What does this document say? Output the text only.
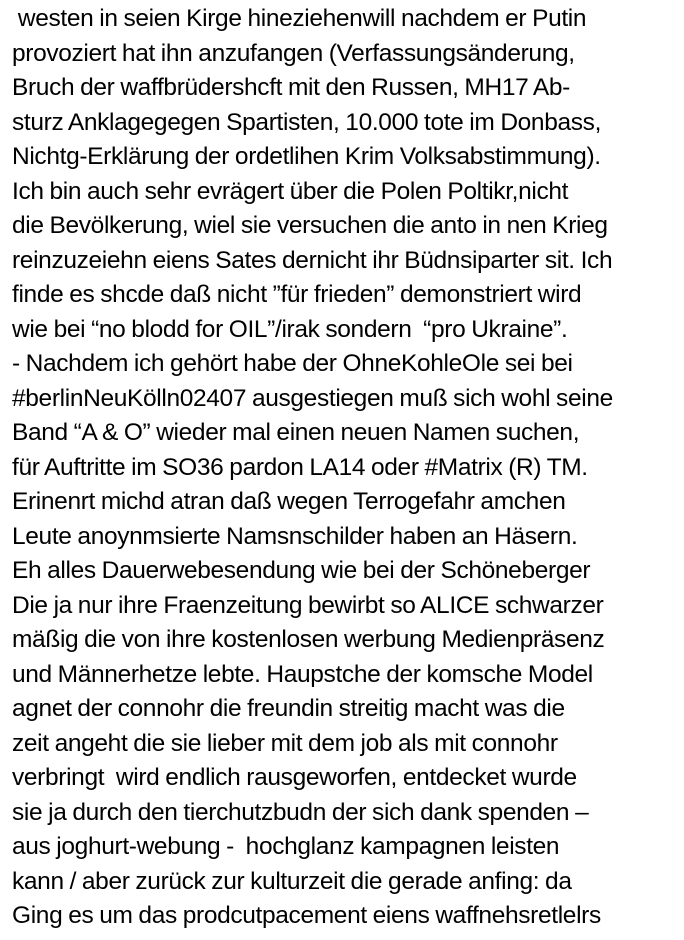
westen in seien Kirge hineziehenwill nachdem er Putin
provoziert hat ihn anzufangen (Verfassungsänderung,
Bruch der waffbrüdershcft mit den Russen, MH17 Ab-
sturz Anklagegegen Spartisten, 10.000 tote im Donbass,
Nichtg-Erklärung der ordetlihen Krim Volksabstimmung).
Ich bin auch sehr evrägert über die Polen Poltikr,nicht
die Bevölkerung, wiel sie versuchen die anto in nen Krieg
reinzuzeiehn eiens Sates dernicht ihr Büdnsiparter sit. Ich
finde es shcde daß nicht ”für frieden” demonstriert wird
wie bei “no blodd for OIL”/irak sondern  “pro Ukraine”.
- Nachdem ich gehört habe der OhneKohleOle sei bei
#berlinNeuKölln02407 ausgestiegen muß sich wohl seine
Band “A & O” wieder mal einen neuen Namen suchen,
für Auftritte im SO36 pardon LA14 oder #Matrix (R) TM.
Erinenrt michd atran daß wegen Terrogefahr amchen
Leute anoynmsierte Namsnschilder haben an Häsern.
Eh alles Dauerwebesendung wie bei der Schöneberger
Die ja nur ihre Fraenzeitung bewirbt so ALICE schwarzer
mäßig die von ihre kostenlosen werbung Medienpräsenz
und Männerhetze lebte. Haupstche der komsche Model
agnet der connohr die freundin streitig macht was die
zeit angeht die sie lieber mit dem job als mit connohr
verbringt  wird endlich rausgeworfen, entdecket wurde
sie ja durch den tierchutzbudn der sich dank spenden –
aus joghurt-webung -  hochglanz kampagnen leisten
kann / aber zurück zur kulturzeit die gerade anfing: da
Ging es um das prodcutpacement eiens waffnehsretlelrs
